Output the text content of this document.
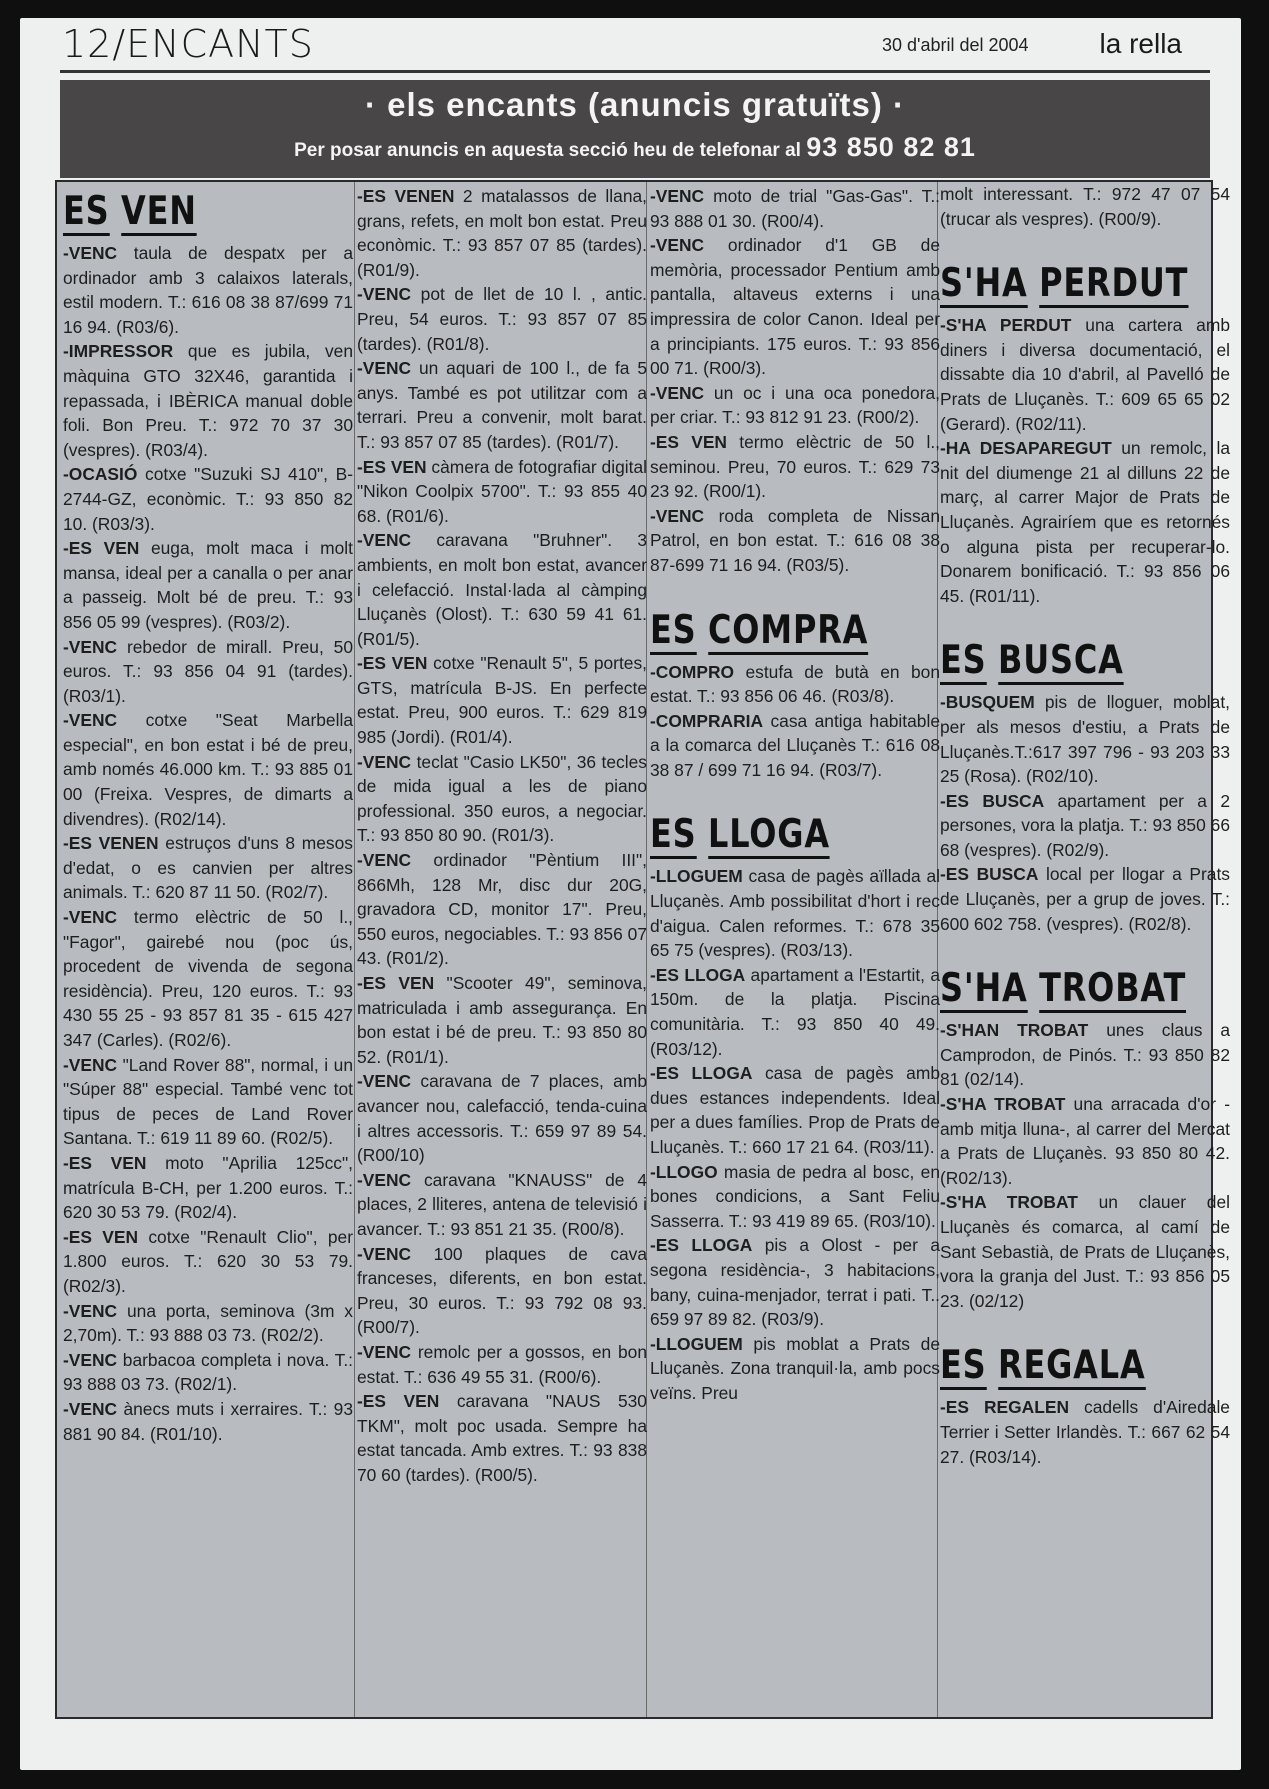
12/ENCANTS	30 d'abril del 2004	la rella
· els encants (anuncis gratuïts) ·
Per posar anuncis en aquesta secció heu de telefonar al 93 850 82 81
ES VEN

-VENC taula de despatx per a ordinador amb 3 calaixos laterals, estil modern. T.: 616 08 38 87/699 71 16 94. (R03/6).

-IMPRESSOR que es jubila, ven màquina GTO 32X46, garantida i repassada, i IBÈRICA manual doble foli. Bon Preu. T.: 972 70 37 30 (vespres). (R03/4).

-OCASIÓ cotxe "Suzuki SJ 410", B-2744-GZ, econòmic. T.: 93 850 82 10. (R03/3).

-ES VEN euga, molt maca i molt mansa, ideal per a canalla o per anar a passeig. Molt bé de preu. T.: 93 856 05 99 (vespres). (R03/2).

-VENC rebedor de mirall. Preu, 50 euros. T.: 93 856 04 91 (tardes). (R03/1).

-VENC cotxe "Seat Marbella especial", en bon estat i bé de preu, amb només 46.000 km. T.: 93 885 01 00 (Freixa. Vespres, de dimarts a divendres). (R02/14).

-ES VENEN estruços d'uns 8 mesos d'edat, o es canvien per altres animals. T.: 620 87 11 50. (R02/7).

-VENC termo elèctric de 50 l., "Fagor", gairebé nou (poc ús, procedent de vivenda de segona residència). Preu, 120 euros. T.: 93 430 55 25 - 93 857 81 35 - 615 427 347 (Carles). (R02/6).

-VENC "Land Rover 88", normal, i un "Súper 88" especial. També venc tot tipus de peces de Land Rover Santana. T.: 619 11 89 60. (R02/5).

-ES VEN moto "Aprilia 125cc", matrícula B-CH, per 1.200 euros. T.: 620 30 53 79. (R02/4).

-ES VEN cotxe "Renault Clio", per 1.800 euros. T.: 620 30 53 79. (R02/3).

-VENC una porta, seminova (3m x 2,70m). T.: 93 888 03 73. (R02/2).

-VENC barbacoa completa i nova. T.: 93 888 03 73. (R02/1).

-VENC ànecs muts i xerraires. T.: 93 881 90 84. (R01/10).

-ES VENEN 2 matalassos de llana, grans, refets, en molt bon estat. Preu econòmic. T.: 93 857 07 85 (tardes). (R01/9).

-VENC pot de llet de 10 l. , antic. Preu, 54 euros. T.: 93 857 07 85 (tardes). (R01/8).

-VENC un aquari de 100 l., de fa 5 anys. També es pot utilitzar com a terrari. Preu a convenir, molt barat. T.: 93 857 07 85 (tardes). (R01/7).

-ES VEN càmera de fotografiar digital "Nikon Coolpix 5700". T.: 93 855 40 68. (R01/6).

-VENC caravana "Bruhner". 3 ambients, en molt bon estat, avancer i celefacció. Instal·lada al càmping Lluçanès (Olost). T.: 630 59 41 61. (R01/5).

-ES VEN cotxe "Renault 5", 5 portes, GTS, matrícula B-JS. En perfecte estat. Preu, 900 euros. T.: 629 819 985 (Jordi). (R01/4).

-VENC teclat "Casio LK50", 36 tecles de mida igual a les de piano professional. 350 euros, a negociar. T.: 93 850 80 90. (R01/3).

-VENC ordinador "Pèntium III", 866Mh, 128 Mr, disc dur 20G, gravadora CD, monitor 17". Preu, 550 euros, negociables. T.: 93 856 07 43. (R01/2).

-ES VEN "Scooter 49", seminova, matriculada i amb assegurança. En bon estat i bé de preu. T.: 93 850 80 52. (R01/1).

-VENC caravana de 7 places, amb avancer nou, calefacció, tenda-cuina i altres accessoris. T.: 659 97 89 54. (R00/10)

-VENC caravana "KNAUSS" de 4 places, 2 lliteres, antena de televisió i avancer. T.: 93 851 21 35. (R00/8).

-VENC 100 plaques de cava franceses, diferents, en bon estat. Preu, 30 euros. T.: 93 792 08 93. (R00/7).

-VENC remolc per a gossos, en bon estat. T.: 636 49 55 31. (R00/6).

-ES VEN caravana "NAUS 530 TKM", molt poc usada. Sempre ha estat tancada. Amb extres. T.: 93 838 70 60 (tardes). (R00/5).

-VENC moto de trial "Gas-Gas". T.: 93 888 01 30. (R00/4).

-VENC ordinador d'1 GB de memòria, processador Pentium amb pantalla, altaveus externs i una impressira de color Canon. Ideal per a principiants. 175 euros. T.: 93 856 00 71. (R00/3).

-VENC un oc i una oca ponedora, per criar. T.: 93 812 91 23. (R00/2).

-ES VEN termo elèctric de 50 l., seminou. Preu, 70 euros. T.: 629 73 23 92. (R00/1).

-VENC roda completa de Nissan Patrol, en bon estat. T.: 616 08 38 87-699 71 16 94. (R03/5).

ES COMPRA

-COMPRO estufa de butà en bon estat. T.: 93 856 06 46. (R03/8).

-COMPRARIA casa antiga habitable a la comarca del Lluçanès T.: 616 08 38 87 / 699 71 16 94. (R03/7).

ES LLOGA

-LLOGUEM casa de pagès aïllada al Lluçanès. Amb possibilitat d'hort i rec d'aigua. Calen reformes. T.: 678 35 65 75 (vespres). (R03/13).

-ES LLOGA apartament a l'Estartit, a 150m. de la platja. Piscina comunitària. T.: 93 850 40 49. (R03/12).

-ES LLOGA casa de pagès amb dues estances independents. Ideal per a dues famílies. Prop de Prats de Lluçanès. T.: 660 17 21 64. (R03/11).

-LLOGO masia de pedra al bosc, en bones condicions, a Sant Feliu Sasserra. T.: 93 419 89 65. (R03/10).

-ES LLOGA pis a Olost - per a segona residència-, 3 habitacions, bany, cuina-menjador, terrat i pati. T.. 659 97 89 82. (R03/9).

-LLOGUEM pis moblat a Prats de Lluçanès. Zona tranquil·la, amb pocs veïns. Preu

molt interessant. T.: 972 47 07 54 (trucar als vespres). (R00/9).

S'HA PERDUT

-S'HA PERDUT una cartera amb diners i diversa documentació, el dissabte dia 10 d'abril, al Pavelló de Prats de Lluçanès. T.: 609 65 65 02 (Gerard). (R02/11).

-HA DESAPAREGUT un remolc, la nit del diumenge 21 al dilluns 22 de març, al carrer Major de Prats de Lluçanès. Agrairíem que es retornés o alguna pista per recuperar-lo. Donarem bonificació. T.: 93 856 06 45. (R01/11).

ES BUSCA

-BUSQUEM pis de lloguer, moblat, per als mesos d'estiu, a Prats de Lluçanès.T.:617 397 796 - 93 203 33 25 (Rosa). (R02/10).

-ES BUSCA apartament per a 2 persones, vora la platja. T.: 93 850 66 68 (vespres). (R02/9).

-ES BUSCA local per llogar a Prats de Lluçanès, per a grup de joves. T.: 600 602 758. (vespres). (R02/8).

S'HA TROBAT

-S'HAN TROBAT unes claus a Camprodon, de Pinós. T.: 93 850 82 81 (02/14).

-S'HA TROBAT una arracada d'or -amb mitja lluna-, al carrer del Mercat a Prats de Lluçanès. 93 850 80 42. (R02/13).

-S'HA TROBAT un clauer del Lluçanès és comarca, al camí de Sant Sebastià, de Prats de Lluçanès, vora la granja del Just. T.: 93 856 05 23. (02/12)

ES REGALA

-ES REGALEN cadells d'Airedale Terrier i Setter Irlandès. T.: 667 62 54 27. (R03/14).
